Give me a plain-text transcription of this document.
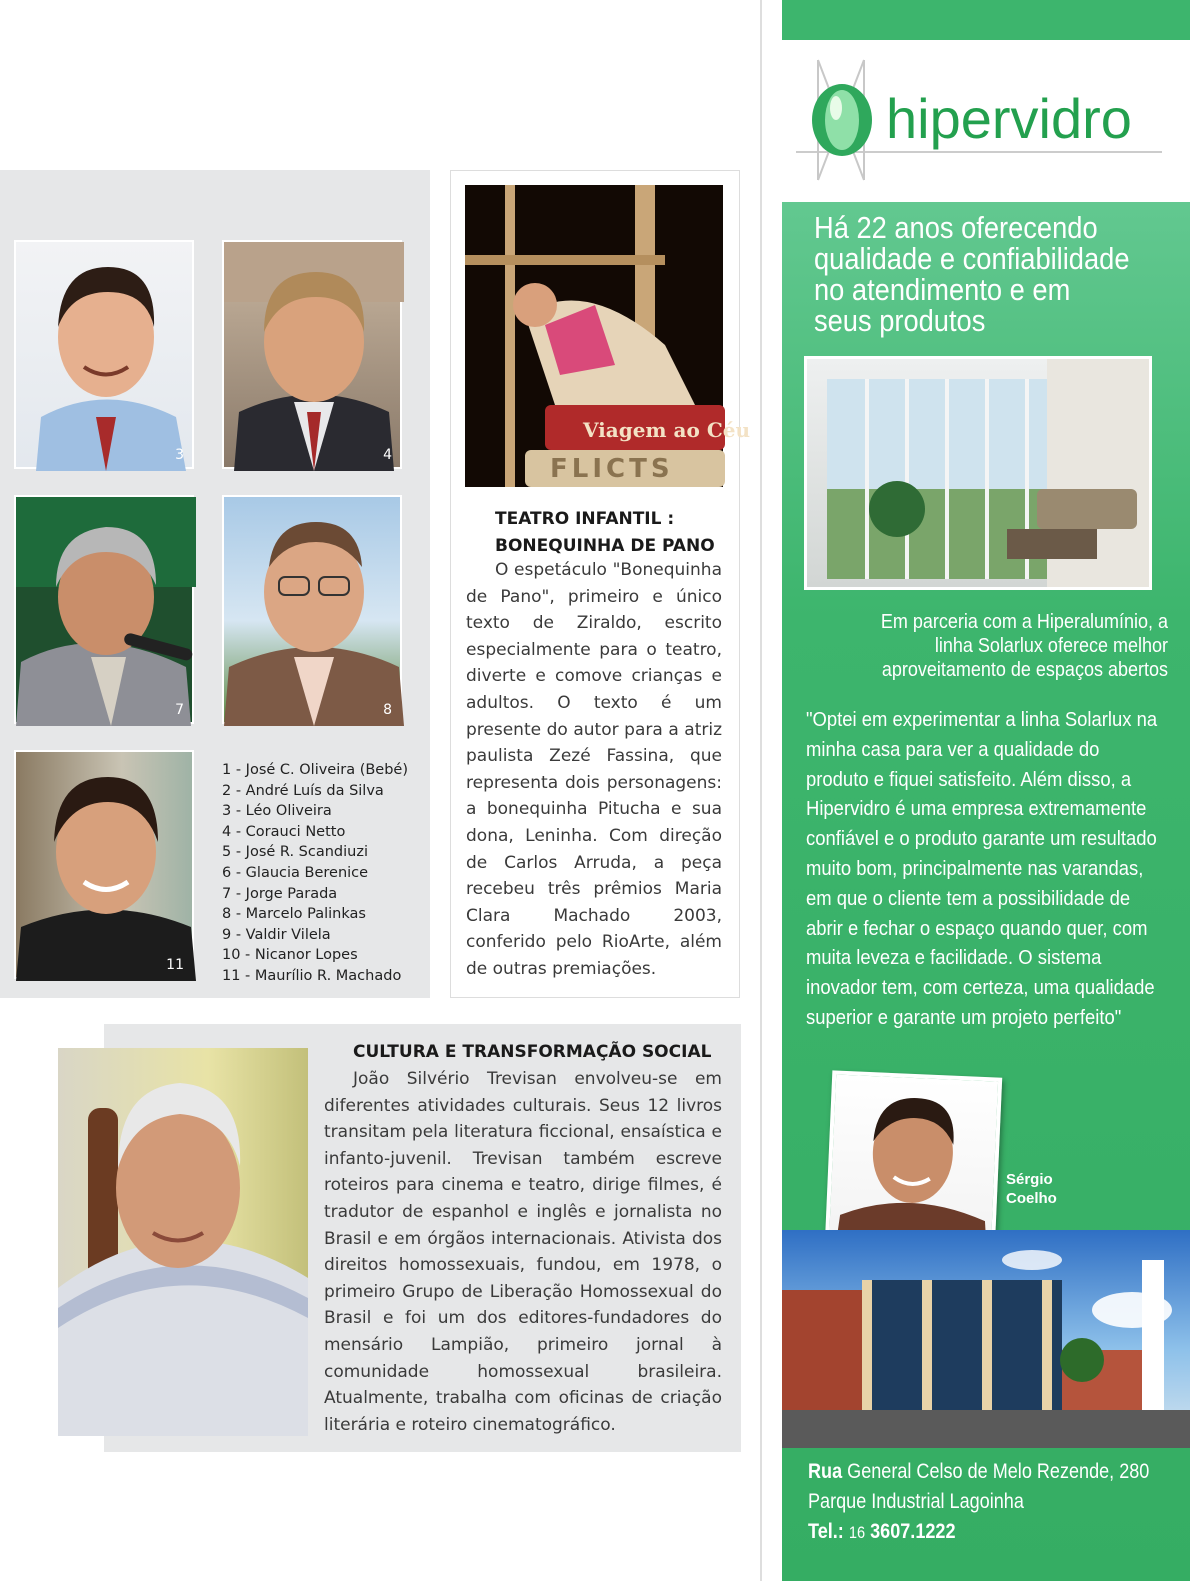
3	4
7	8
11
1 - José C. Oliveira (Bebé)
2 - André Luís da Silva
3 - Léo Oliveira
4 - Corauci Netto
5 - José R. Scandiuzi
6 - Glaucia Berenice
7 - Jorge Parada
8 - Marcelo Palinkas
9 - Valdir Vilela
10 - Nicanor Lopes
11 - Maurílio R. Machado
Viagem ao Céu
FLICTS
TEATRO INFANTIL :
BONEQUINHA DE PANO
O espetáculo "Bonequinha de Pano", primeiro e único texto de Ziraldo, escrito especialmente para o teatro, diverte e comove crianças e adultos. O texto é um presente do autor para a atriz paulista Zezé Fassina, que representa dois personagens: a bonequinha Pitucha e sua dona, Leninha. Com direção de Carlos Arruda, a peça recebeu três prêmios Maria Clara Machado 2003, conferido pelo RioArte, além de outras premiações.
CULTURA E TRANSFORMAÇÃO SOCIAL
João Silvério Trevisan envolveu-se em diferentes atividades culturais. Seus 12 livros transitam pela literatura ficcional, ensaística e infanto-juvenil. Trevisan também escreve roteiros para cinema e teatro, dirige filmes, é tradutor de espanhol e inglês e jornalista no Brasil e em órgãos internacionais. Ativista dos direitos homossexuais, fundou, em 1978, o primeiro Grupo de Liberação Homossexual do Brasil e foi um dos editores-fundadores do mensário Lampião, primeiro jornal à comunidade homossexual brasileira. Atualmente, trabalha com oficinas de criação literária e roteiro cinematográfico.
hipervidro
Há 22 anos oferecendo
qualidade e confiabilidade
no atendimento e em
seus produtos
Em parceria com a Hiperalumínio, a
linha Solarlux oferece melhor
aproveitamento de espaços abertos
"Optei em experimentar a linha Solarlux na minha casa para ver a qualidade do produto e fiquei satisfeito. Além disso, a Hipervidro é uma empresa extremamente confiável e o produto garante um resultado muito bom, principalmente nas varandas, em que o cliente tem a possibilidade de abrir e fechar o espaço quando quer, com muita leveza e facilidade. O sistema inovador tem, com certeza, uma qualidade superior e garante um projeto perfeito"
Sérgio
Coelho
Rua General Celso de Melo Rezende, 280
Parque Industrial Lagoinha
Tel.: 16 3607.1222
